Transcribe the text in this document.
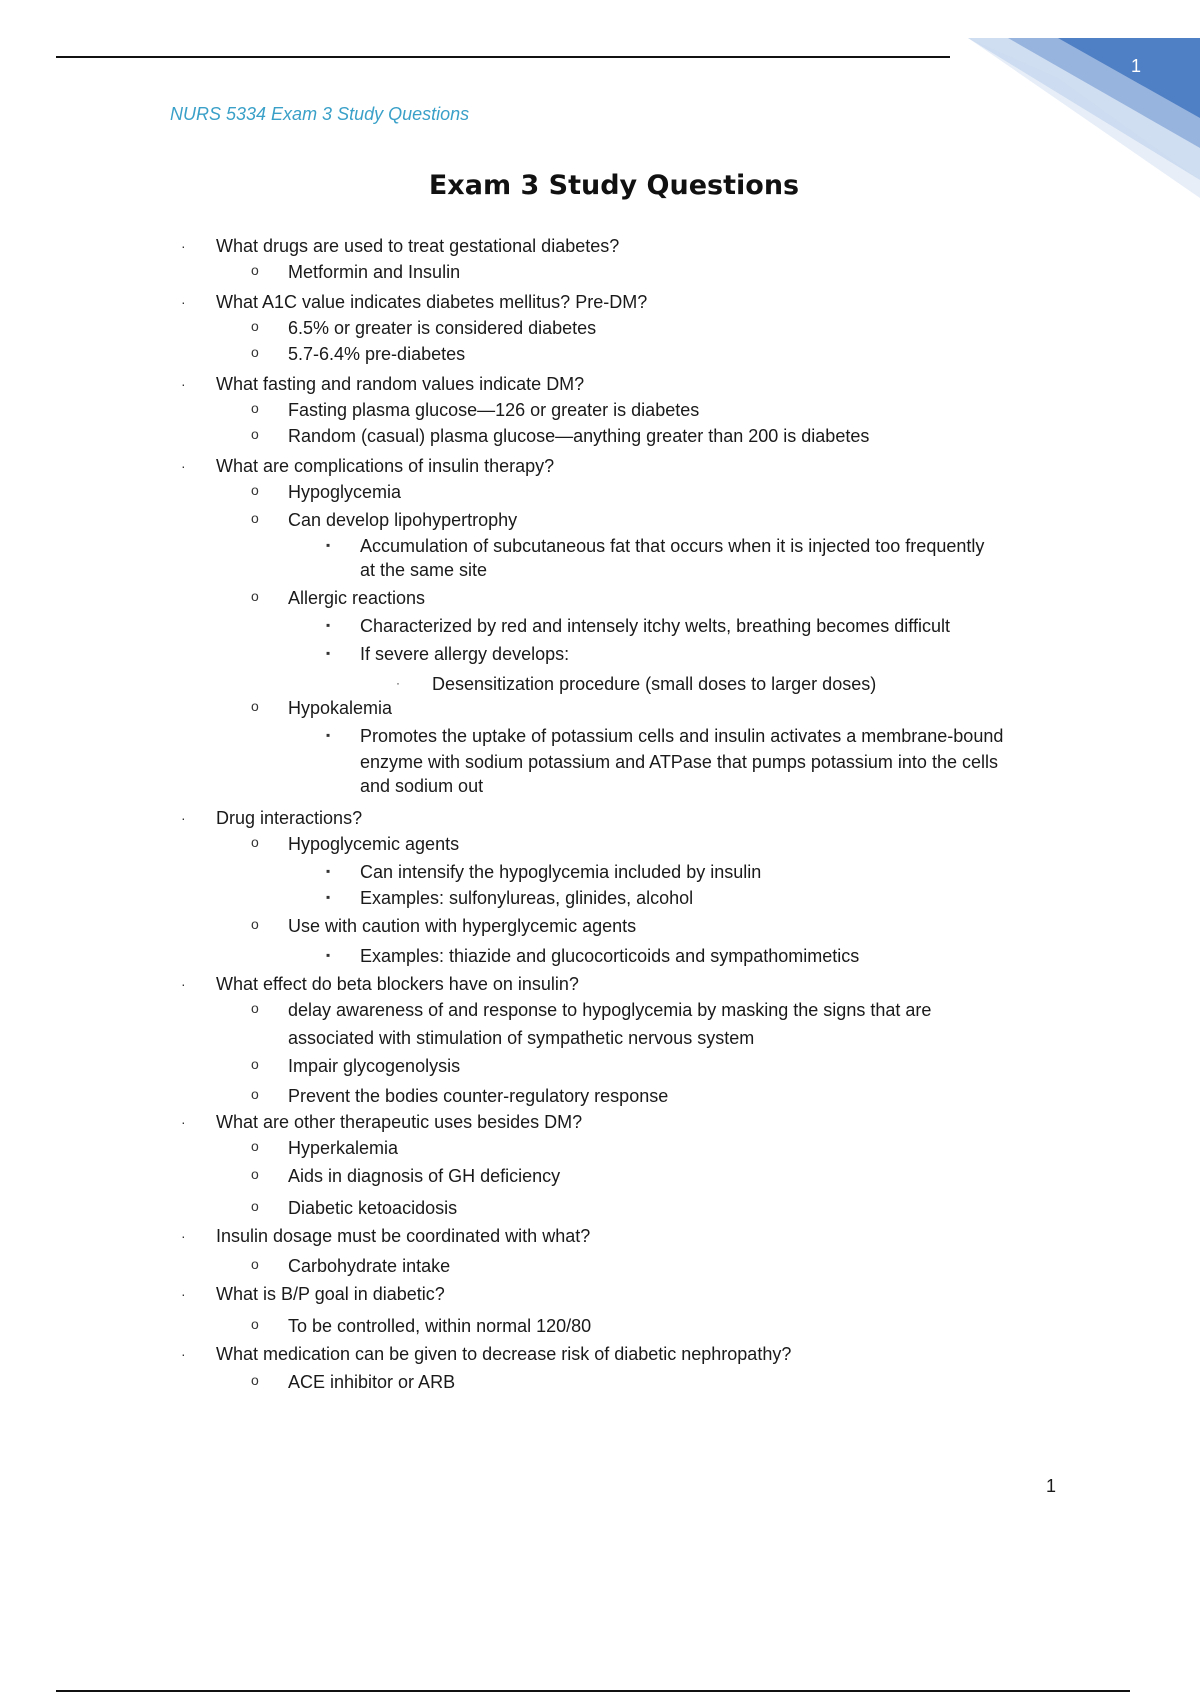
1
NURS 5334 Exam 3 Study Questions
Exam 3 Study Questions
· What drugs are used to treat gestational diabetes?
o Metformin and Insulin
· What A1C value indicates diabetes mellitus? Pre-DM?
o 6.5% or greater is considered diabetes
o 5.7-6.4% pre-diabetes
· What fasting and random values indicate DM?
o Fasting plasma glucose—126 or greater is diabetes
o Random (casual) plasma glucose—anything greater than 200 is diabetes
· What are complications of insulin therapy?
o Hypoglycemia
o Can develop lipohypertrophy
▪ Accumulation of subcutaneous fat that occurs when it is injected too frequently
at the same site
o Allergic reactions
▪ Characterized by red and intensely itchy welts, breathing becomes difficult
▪ If severe allergy develops:
· Desensitization procedure (small doses to larger doses)
o Hypokalemia
▪ Promotes the uptake of potassium cells and insulin activates a membrane-bound
enzyme with sodium potassium and ATPase that pumps potassium into the cells
and sodium out
· Drug interactions?
o Hypoglycemic agents
▪ Can intensify the hypoglycemia included by insulin
▪ Examples: sulfonylureas, glinides, alcohol
o Use with caution with hyperglycemic agents
▪ Examples: thiazide and glucocorticoids and sympathomimetics
· What effect do beta blockers have on insulin?
o delay awareness of and response to hypoglycemia by masking the signs that are
associated with stimulation of sympathetic nervous system
o Impair glycogenolysis
o Prevent the bodies counter-regulatory response
· What are other therapeutic uses besides DM?
o Hyperkalemia
o Aids in diagnosis of GH deficiency
o Diabetic ketoacidosis
· Insulin dosage must be coordinated with what?
o Carbohydrate intake
· What is B/P goal in diabetic?
o To be controlled, within normal 120/80
· What medication can be given to decrease risk of diabetic nephropathy?
o ACE inhibitor or ARB
1
